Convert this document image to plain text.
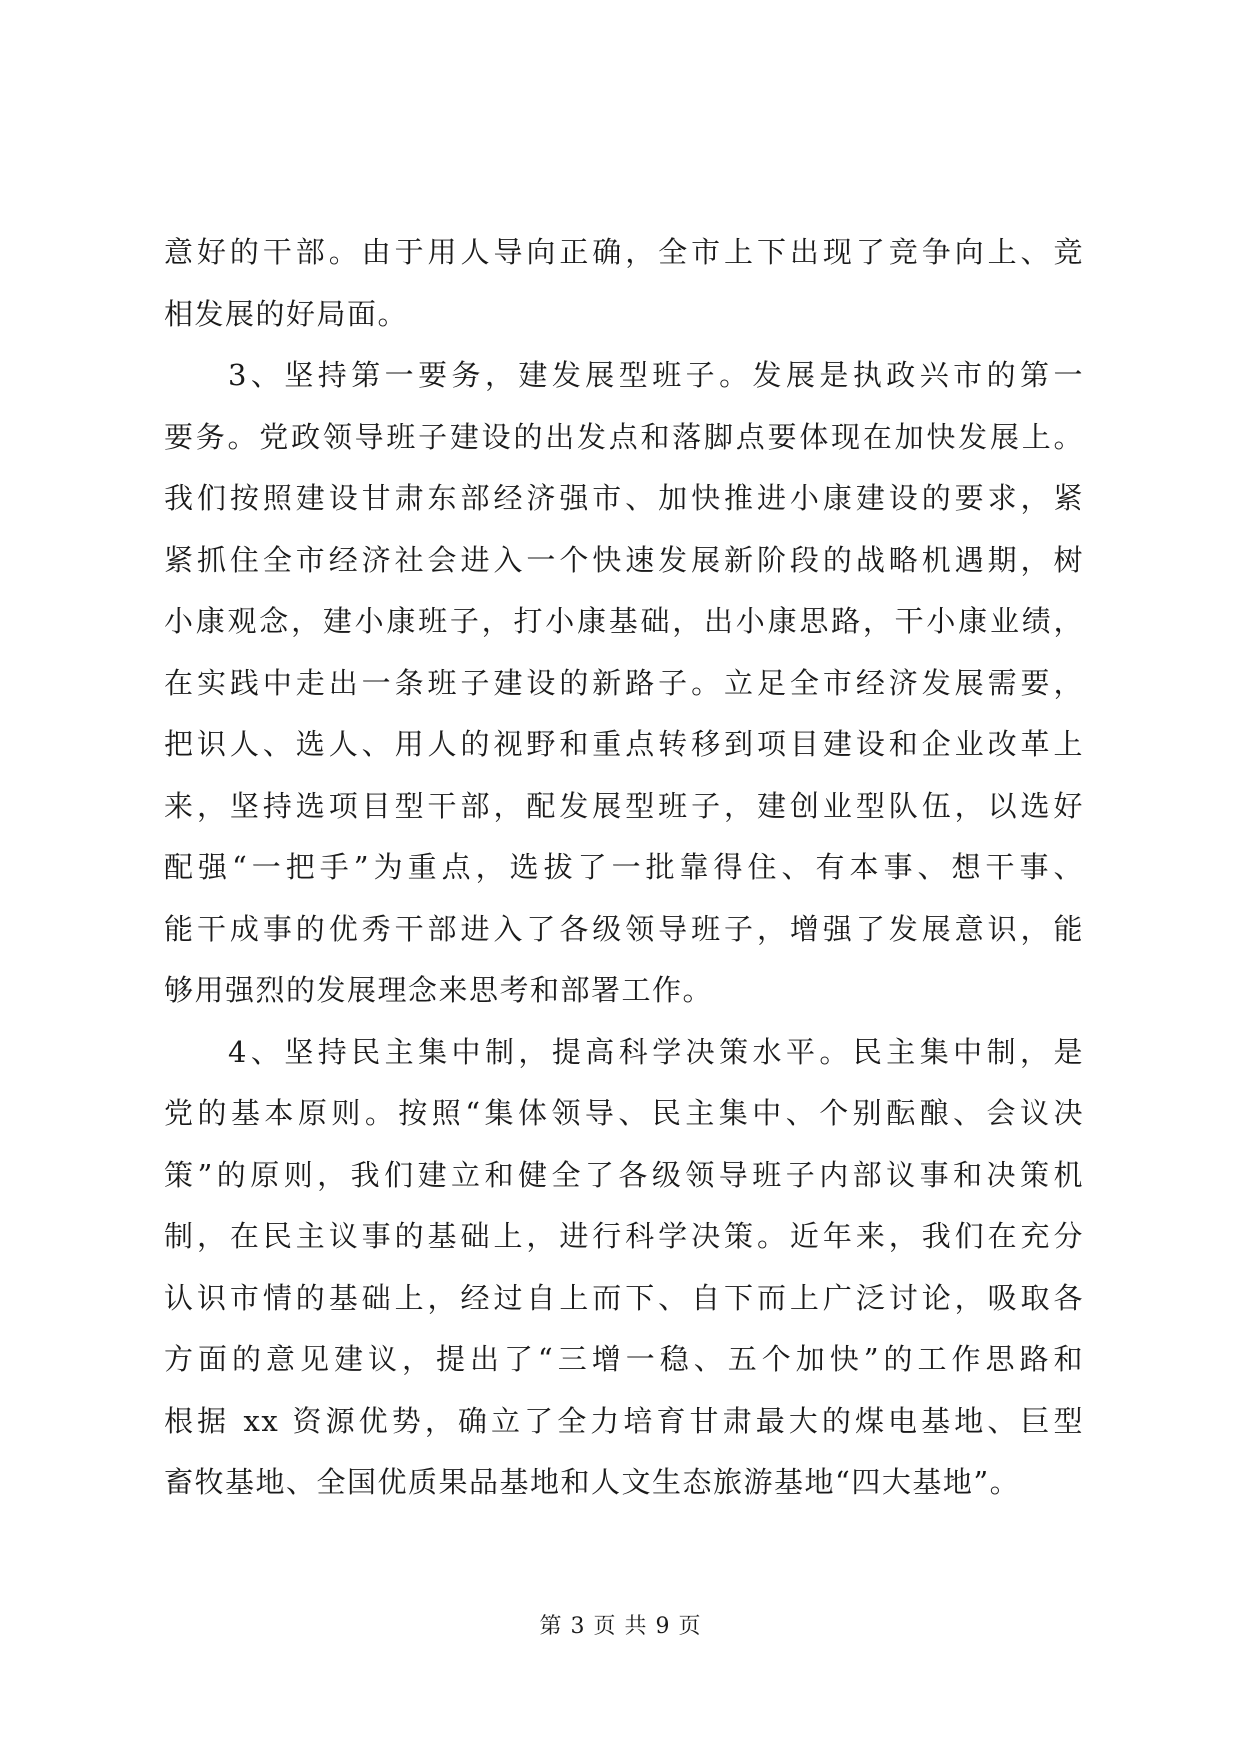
意好的干部。由于用人导向正确，全市上下出现了竞争向上、竞
相发展的好局面。

3、坚持第一要务，建发展型班子。发展是执政兴市的第一
要务。党政领导班子建设的出发点和落脚点要体现在加快发展上。
我们按照建设甘肃东部经济强市、加快推进小康建设的要求，紧
紧抓住全市经济社会进入一个快速发展新阶段的战略机遇期，树
小康观念，建小康班子，打小康基础，出小康思路，干小康业绩，
在实践中走出一条班子建设的新路子。立足全市经济发展需要，
把识人、选人、用人的视野和重点转移到项目建设和企业改革上
来，坚持选项目型干部，配发展型班子，建创业型队伍，以选好
配强“一把手”为重点，选拔了一批靠得住、有本事、想干事、
能干成事的优秀干部进入了各级领导班子，增强了发展意识，能
够用强烈的发展理念来思考和部署工作。

4、坚持民主集中制，提高科学决策水平。民主集中制，是
党的基本原则。按照“集体领导、民主集中、个别酝酿、会议决
策”的原则，我们建立和健全了各级领导班子内部议事和决策机
制，在民主议事的基础上，进行科学决策。近年来，我们在充分
认识市情的基础上，经过自上而下、自下而上广泛讨论，吸取各
方面的意见建议，提出了“三增一稳、五个加快”的工作思路和
根据 xx 资源优势，确立了全力培育甘肃最大的煤电基地、巨型
畜牧基地、全国优质果品基地和人文生态旅游基地“四大基地”。

第 3 页 共 9 页
